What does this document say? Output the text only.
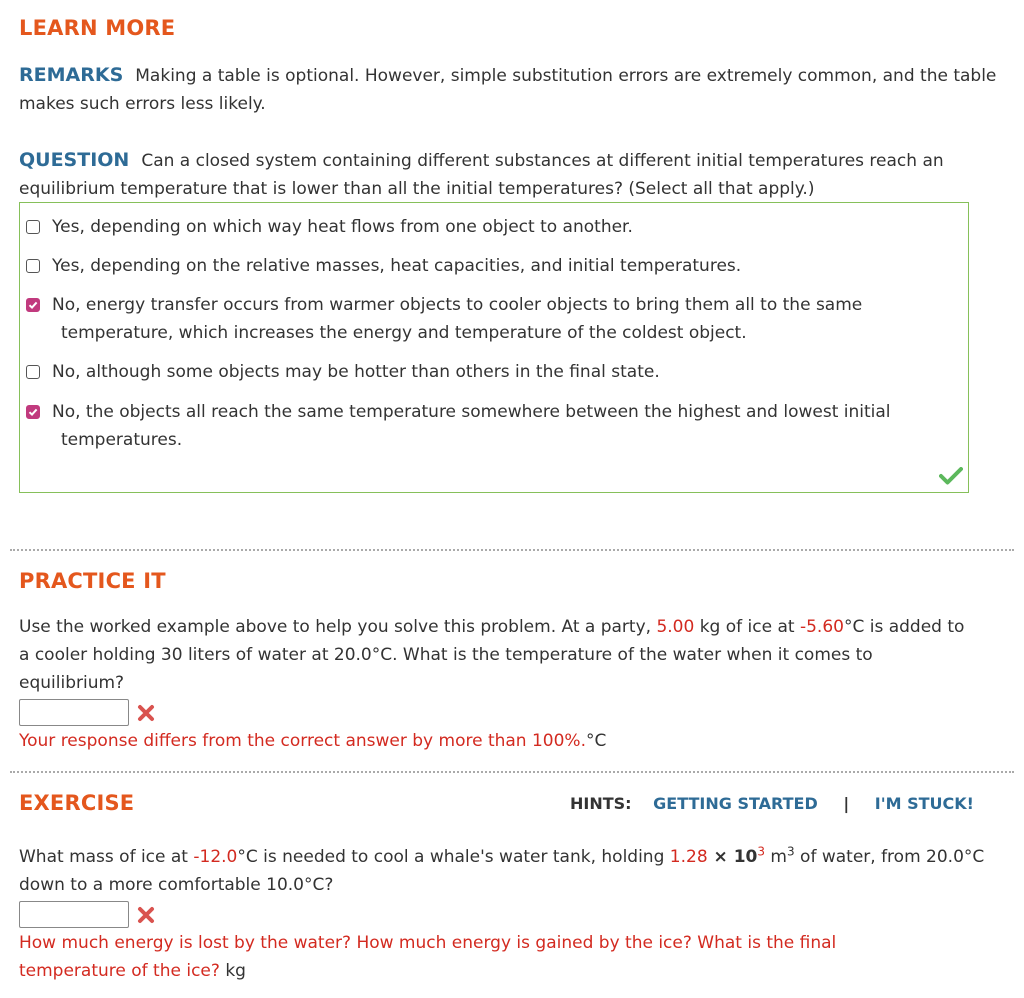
LEARN MORE
REMARKS Making a table is optional. However, simple substitution errors are extremely common, and the table makes such errors less likely.
QUESTION Can a closed system containing different substances at different initial temperatures reach an equilibrium temperature that is lower than all the initial temperatures? (Select all that apply.)
Yes, depending on which way heat flows from one object to another.
Yes, depending on the relative masses, heat capacities, and initial temperatures.
No, energy transfer occurs from warmer objects to cooler objects to bring them all to the same
temperature, which increases the energy and temperature of the coldest object.
No, although some objects may be hotter than others in the final state.
No, the objects all reach the same temperature somewhere between the highest and lowest initial
temperatures.
PRACTICE IT
Use the worked example above to help you solve this problem. At a party, 5.00 kg of ice at -5.60°C is added to a cooler holding 30 liters of water at 20.0°C. What is the temperature of the water when it comes to equilibrium?
Your response differs from the correct answer by more than 100%.°C
EXERCISE	HINTS: GETTING STARTED | I'M STUCK!
What mass of ice at -12.0°C is needed to cool a whale's water tank, holding $1.28 \times 10^3$ $m^3$ of water, from 20.0°C down to a more comfortable 10.0°C?
How much energy is lost by the water? How much energy is gained by the ice? What is the final temperature of the ice? kg
